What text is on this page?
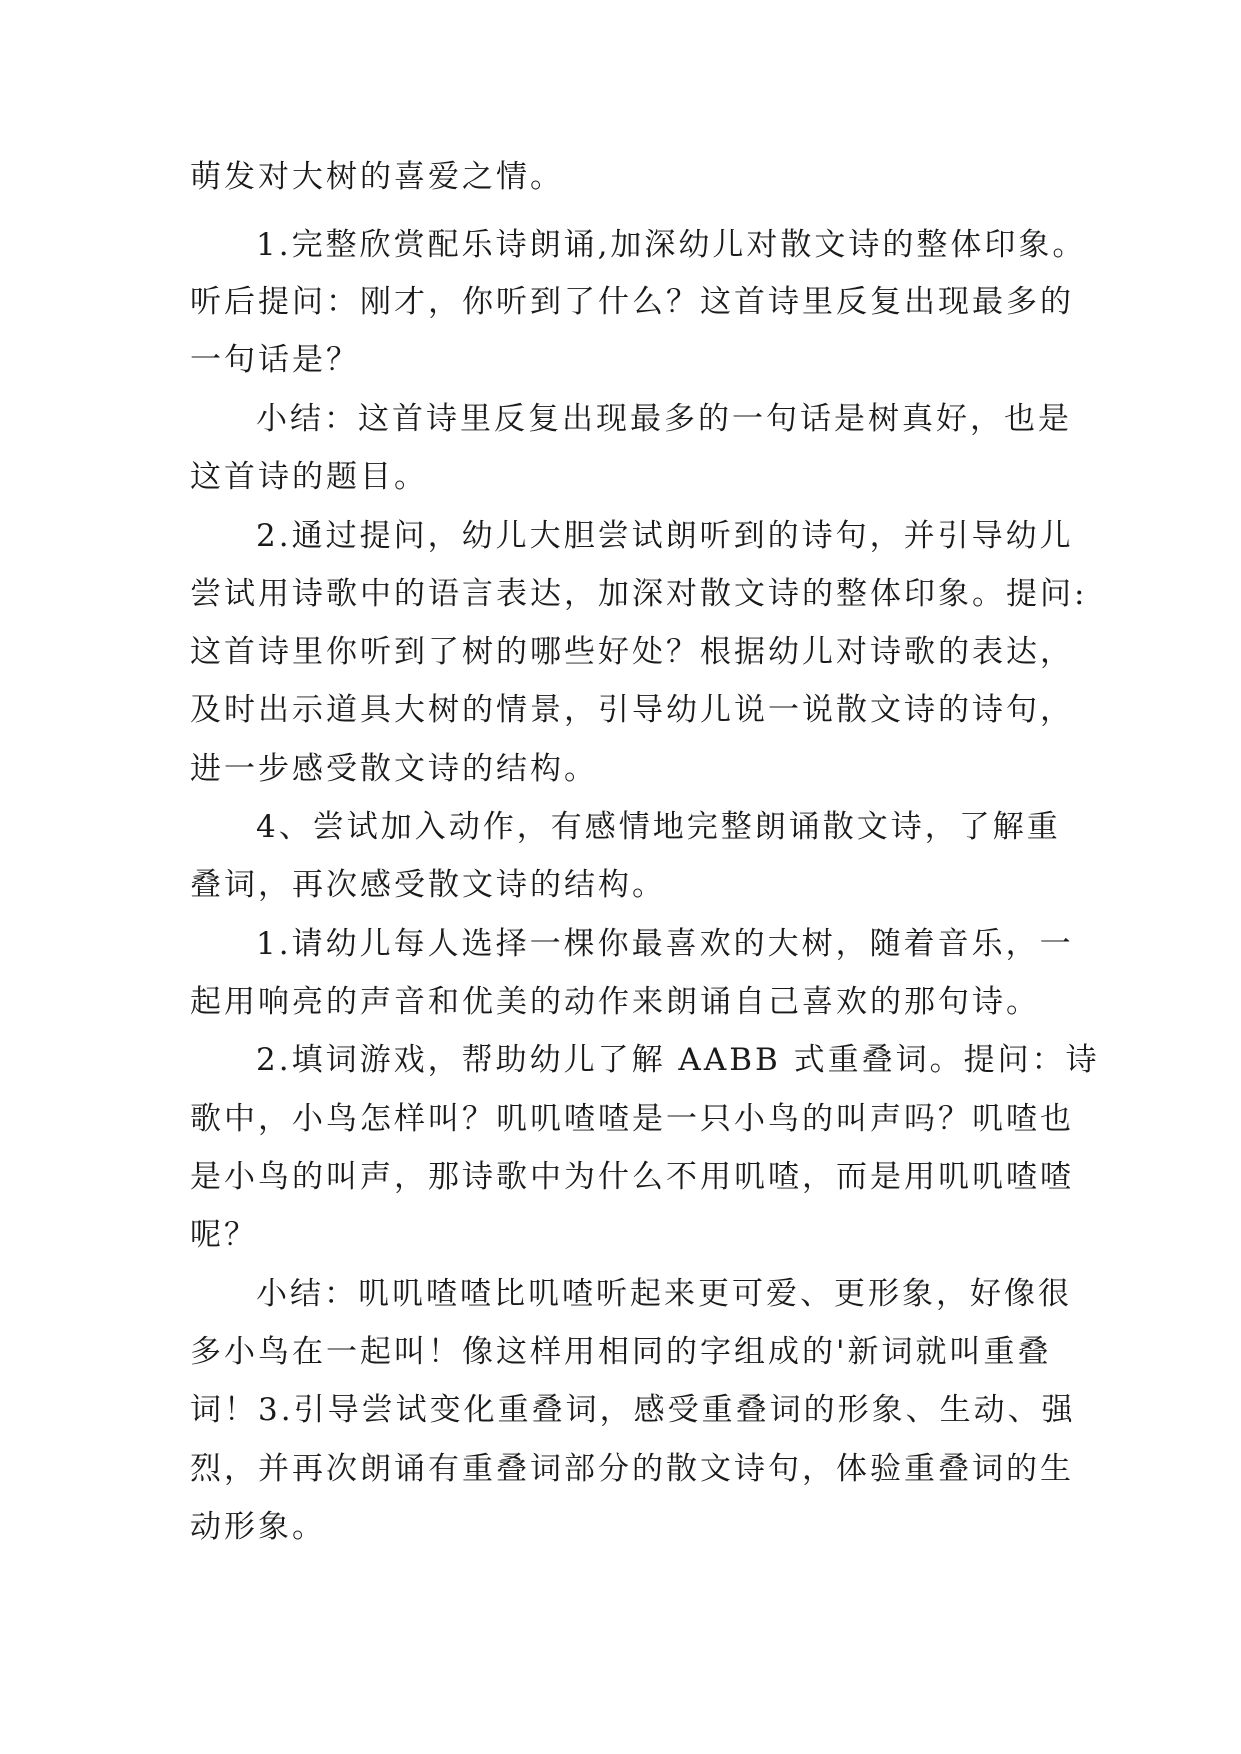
萌发对大树的喜爱之情。
1.完整欣赏配乐诗朗诵,加深幼儿对散文诗的整体印象。
听后提问：刚才，你听到了什么？这首诗里反复出现最多的
一句话是？
小结：这首诗里反复出现最多的一句话是树真好，也是
这首诗的题目。
2.通过提问，幼儿大胆尝试朗听到的诗句，并引导幼儿
尝试用诗歌中的语言表达，加深对散文诗的整体印象。提问:
这首诗里你听到了树的哪些好处？根据幼儿对诗歌的表达，
及时出示道具大树的情景，引导幼儿说一说散文诗的诗句，
进一步感受散文诗的结构。
4、尝试加入动作，有感情地完整朗诵散文诗，了解重
叠词，再次感受散文诗的结构。
1.请幼儿每人选择一棵你最喜欢的大树，随着音乐，一
起用响亮的声音和优美的动作来朗诵自己喜欢的那句诗。
2.填词游戏，帮助幼儿了解 AABB 式重叠词。提问：诗
歌中，小鸟怎样叫？叽叽喳喳是一只小鸟的叫声吗？叽喳也
是小鸟的叫声，那诗歌中为什么不用叽喳，而是用叽叽喳喳
呢？
小结：叽叽喳喳比叽喳听起来更可爱、更形象，好像很
多小鸟在一起叫！像这样用相同的字组成的'新词就叫重叠
词！3.引导尝试变化重叠词，感受重叠词的形象、生动、强
烈，并再次朗诵有重叠词部分的散文诗句，体验重叠词的生
动形象。
